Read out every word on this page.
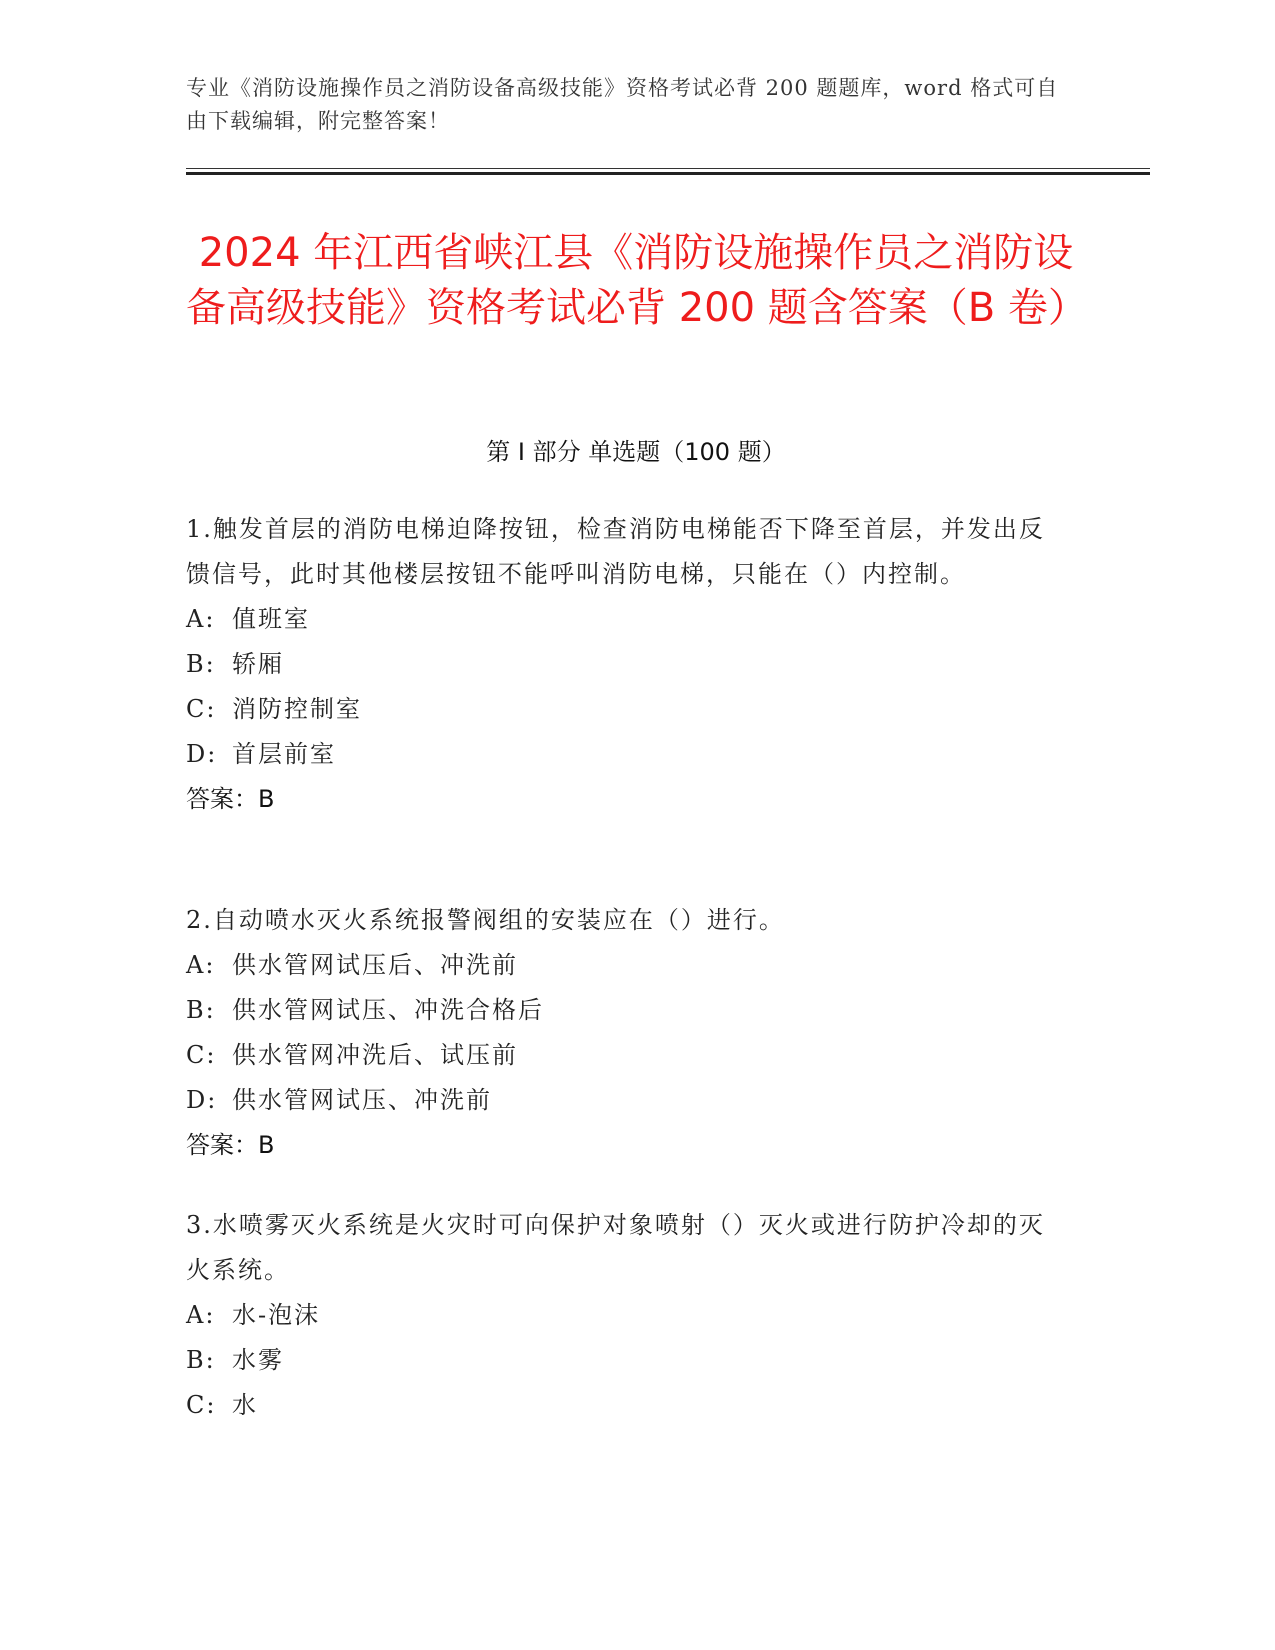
专业《消防设施操作员之消防设备高级技能》资格考试必背 200 题题库，word 格式可自由下载编辑，附完整答案！
2024 年江西省峡江县《消防设施操作员之消防设备高级技能》资格考试必背 200 题含答案（B 卷）
第 I 部分 单选题（100 题）

1.触发首层的消防电梯迫降按钮，检查消防电梯能否下降至首层，并发出反馈信号，此时其他楼层按钮不能呼叫消防电梯，只能在（）内控制。

A: 值班室

B: 轿厢

C: 消防控制室

D: 首层前室

答案：B

2.自动喷水灭火系统报警阀组的安装应在（）进行。

A: 供水管网试压后、冲洗前

B: 供水管网试压、冲洗合格后

C: 供水管网冲洗后、试压前

D: 供水管网试压、冲洗前

答案：B

3.水喷雾灭火系统是火灾时可向保护对象喷射（）灭火或进行防护冷却的灭火系统。

A: 水-泡沫

B: 水雾

C: 水
